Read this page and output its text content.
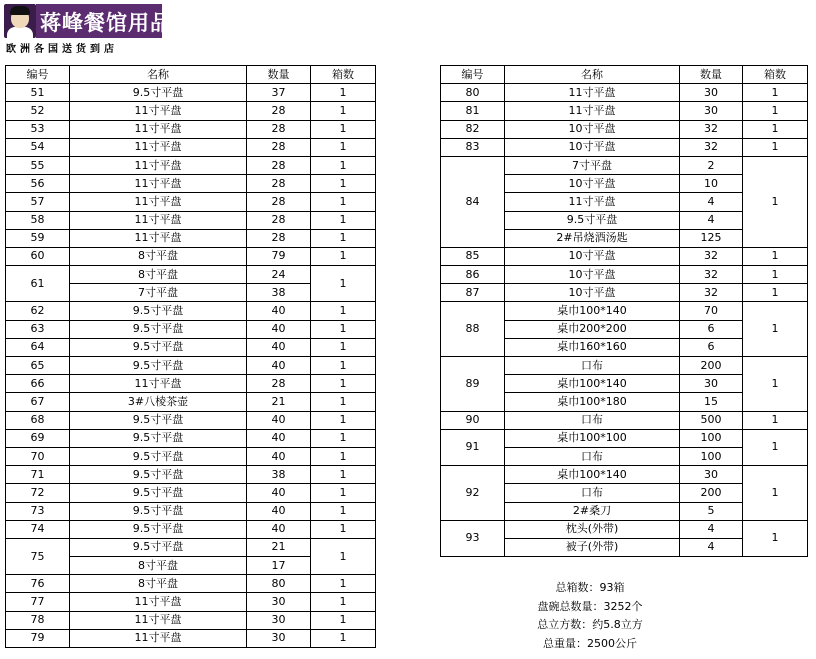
蒋峰餐馆用品
欧洲各国送货到店
编号	名称	数量	箱数
51	9.5寸平盘	37	1
52	11寸平盘	28	1
53	11寸平盘	28	1
54	11寸平盘	28	1
55	11寸平盘	28	1
56	11寸平盘	28	1
57	11寸平盘	28	1
58	11寸平盘	28	1
59	11寸平盘	28	1
60	8寸平盘	79	1
61	8寸平盘	24	1
	7寸平盘	38	
62	9.5寸平盘	40	1
63	9.5寸平盘	40	1
64	9.5寸平盘	40	1
65	9.5寸平盘	40	1
66	11寸平盘	28	1
67	3#八棱茶壶	21	1
68	9.5寸平盘	40	1
69	9.5寸平盘	40	1
70	9.5寸平盘	40	1
71	9.5寸平盘	38	1
72	9.5寸平盘	40	1
73	9.5寸平盘	40	1
74	9.5寸平盘	40	1
75	9.5寸平盘	21	1
	8寸平盘	17	
76	8寸平盘	80	1
77	11寸平盘	30	1
78	11寸平盘	30	1
79	11寸平盘	30	1
编号	名称	数量	箱数
80	11寸平盘	30	1
81	11寸平盘	30	1
82	10寸平盘	32	1
83	10寸平盘	32	1
84	7寸平盘	2	1
	10寸平盘	10	
	11寸平盘	4	
	9.5寸平盘	4	
	2#吊烧酒汤匙	125	
85	10寸平盘	32	1
86	10寸平盘	32	1
87	10寸平盘	32	1
88	桌巾100*140	70	1
	桌巾200*200	6	
	桌巾160*160	6	
89	口布	200	1
	桌巾100*140	30	
	桌巾100*180	15	
90	口布	500	1
91	桌巾100*100	100	1
	口布	100	
92	桌巾100*140	30	1
	口布	200	
	2#桑刀	5	
93	枕头(外带)	4	1
	被子(外带)	4	
总箱数：93箱
盘碗总数量：3252个
总立方数：约5.8立方
总重量：2500公斤
